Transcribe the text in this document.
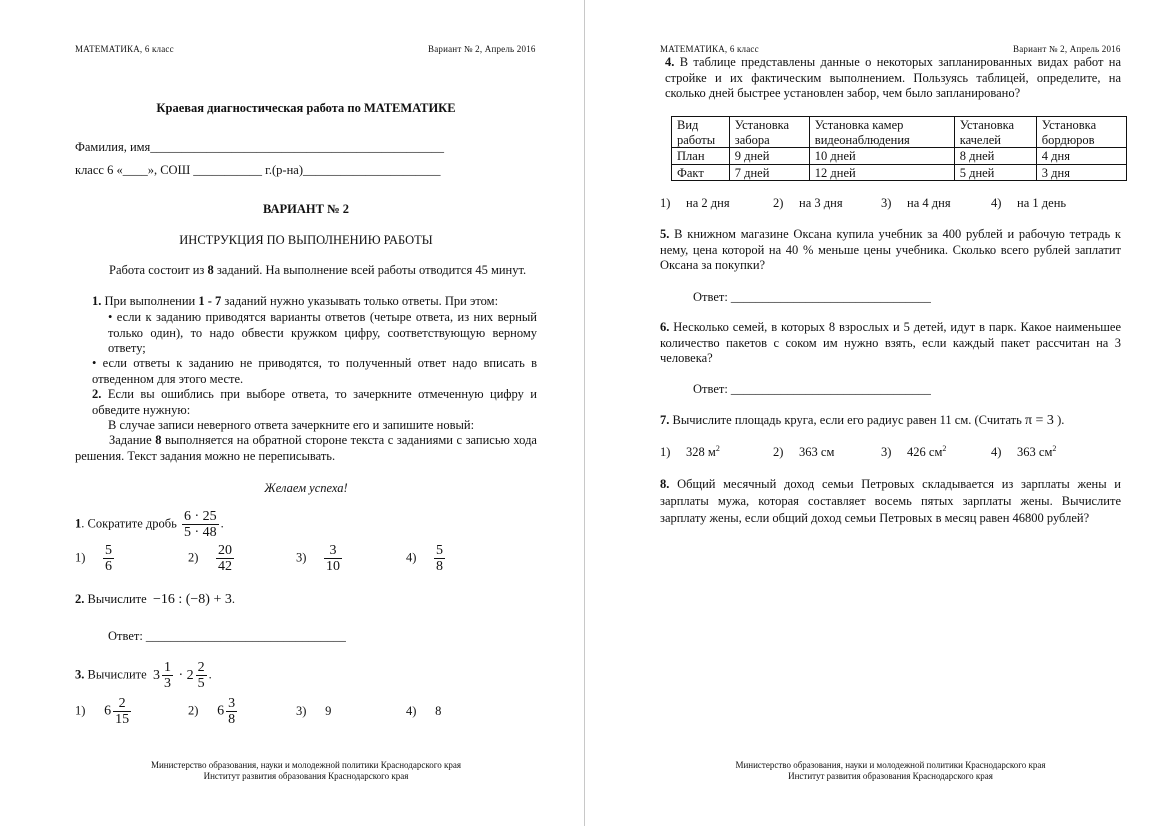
МАТЕМАТИКА, 6 класс	Вариант № 2, Апрель 2016
Краевая диагностическая работа по МАТЕМАТИКЕ
Фамилия, имя_______________________________________________
класс 6 «____», СОШ ___________ г.(р-на)______________________
ВАРИАНТ № 2
ИНСТРУКЦИЯ ПО ВЫПОЛНЕНИЮ РАБОТЫ
Работа состоит из 8 заданий. На выполнение всей работы отводится 45 минут.
1. При выполнении 1 - 7 заданий нужно указывать только ответы. При этом:
• если к заданию приводятся варианты ответов (четыре ответа, из них верный только один), то надо обвести кружком цифру, соответствующую верному ответу;
• если ответы к заданию не приводятся, то полученный ответ надо вписать в отведенном для этого месте.
2. Если вы ошиблись при выборе ответа, то зачеркните отмеченную цифру и обведите нужную:
В случае записи неверного ответа зачеркните его и запишите новый:
Задание 8 выполняется на обратной стороне текста с заданиями с записью хода решения. Текст задания можно не переписывать.
Желаем успеха!
1. Сократите дробь $\frac{6 \cdot 25}{5 \cdot 48}$ .
$1) \frac{5}{6}$	$2) \frac{20}{42}$	$3) \frac{3}{10}$	$4) \frac{5}{8}$
2. Вычислите  −16 : (−8) + 3.
Ответ: ________________________________
3. Вычислите  $3 \frac{1}{3} \cdot 2 \frac{2}{5}$ .
1) $6 \frac{2}{15}$	2) $6 \frac{3}{8}$	3) 9	4) 8
Министерство образования, науки и молодежной политики Краснодарского края
Институт развития образования Краснодарского края
МАТЕМАТИКА, 6 класс	Вариант № 2, Апрель 2016
4. В таблице представлены данные о некоторых запланированных видах работ на стройке и их фактическим выполнением. Пользуясь таблицей, определите, на сколько дней быстрее установлен забор, чем было запланировано?
Вид работы	Установка забора	Установка камер видеонаблюдения	Установка качелей	Установка бордюров
План	9 дней	10 дней	8 дней	4 дня
Факт	7 дней	12 дней	5 дней	3 дня
1) на 2 дня	2) на 3 дня	3) на 4 дня	4) на 1 день
5. В книжном магазине Оксана купила учебник за 400 рублей и рабочую тетрадь к нему, цена которой на 40 % меньше цены учебника. Сколько всего рублей заплатит Оксана за покупки?
Ответ: ________________________________
6. Несколько семей, в которых 8 взрослых и 5 детей, идут в парк. Какое наименьшее количество пакетов с соком им нужно взять, если каждый пакет рассчитан на 3 человека?
Ответ: ________________________________
7. Вычислите площадь круга, если его радиус равен 11 см. (Считать π = 3 ).
1) 328 $м^2$	2) 363 см	3) 426 $см^2$	4) 363 $см^2$
8. Общий месячный доход семьи Петровых складывается из зарплаты жены и зарплаты мужа, которая составляет восемь пятых зарплаты жены. Вычислите зарплату жены, если общий доход семьи Петровых в месяц равен 46800 рублей?
Министерство образования, науки и молодежной политики Краснодарского края
Институт развития образования Краснодарского края
